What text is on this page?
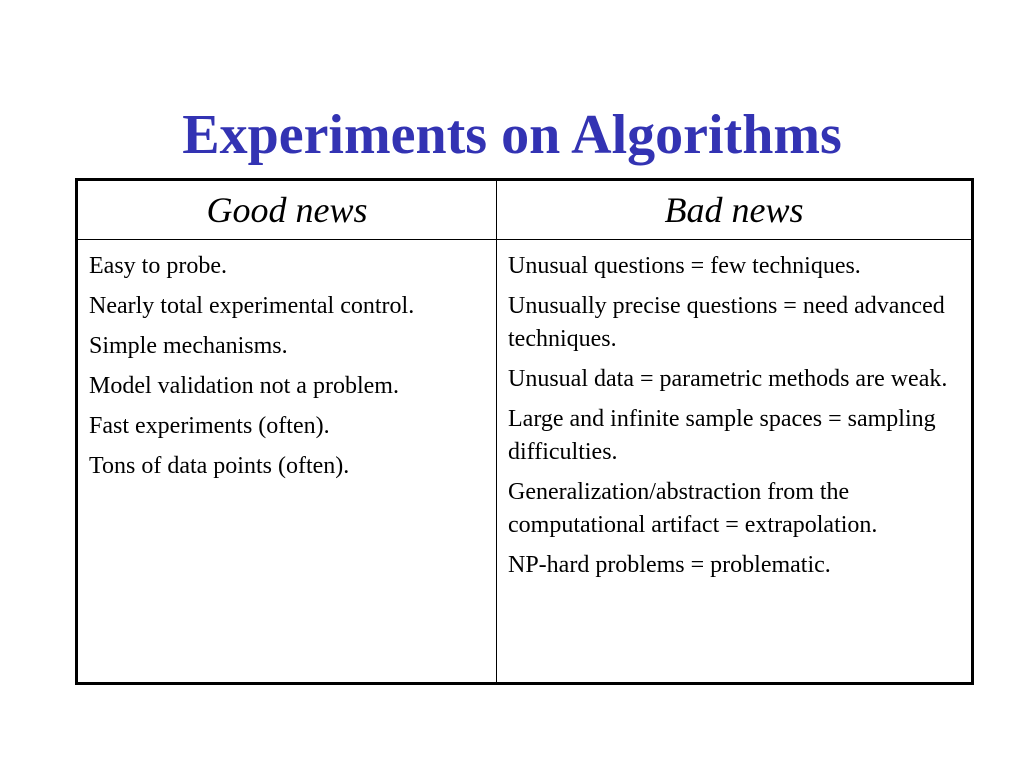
Experiments on Algorithms
Good news	Bad news

Easy to probe.

Nearly total experimental control.

Simple mechanisms.

Model validation not a problem.

Fast experiments (often).

Tons of data points (often).

Unusual questions = few techniques.

Unusually precise questions = need advanced techniques.

Unusual data = parametric methods are weak.

Large and infinite sample spaces = sampling difficulties.

Generalization/abstraction from the computational artifact = extrapolation.

NP-hard problems = problematic.
